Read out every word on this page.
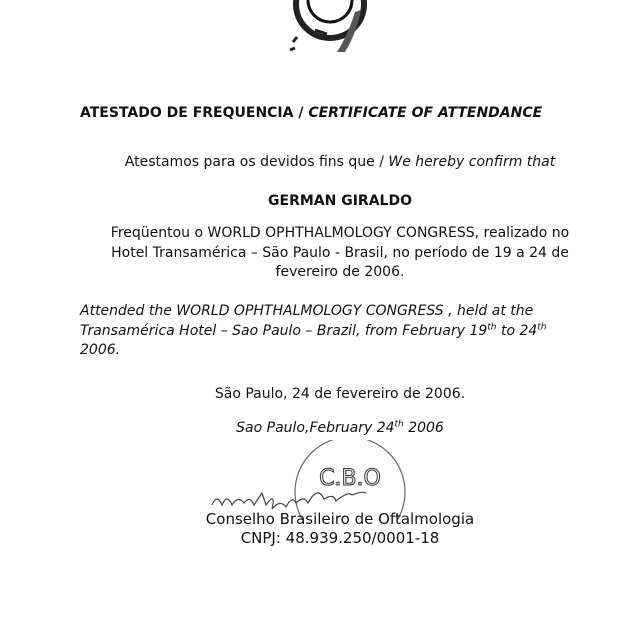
ATESTADO DE FREQUENCIA / CERTIFICATE OF ATTENDANCE
Atestamos para os devidos fins que / We hereby confirm that
GERMAN GIRALDO
Freqüentou o WORLD OPHTHALMOLOGY CONGRESS, realizado no
Hotel Transamérica – São Paulo - Brasil, no período de 19 a 24 de
fevereiro de 2006.
Attended the WORLD OPHTHALMOLOGY CONGRESS , held at the
Transamérica Hotel – Sao Paulo – Brazil, from February 19th to 24th
2006.
São Paulo, 24 de fevereiro de 2006.
Sao Paulo,February 24th 2006
C.B.O
Conselho Brasileiro de Oftalmologia
CNPJ: 48.939.250/0001-18
